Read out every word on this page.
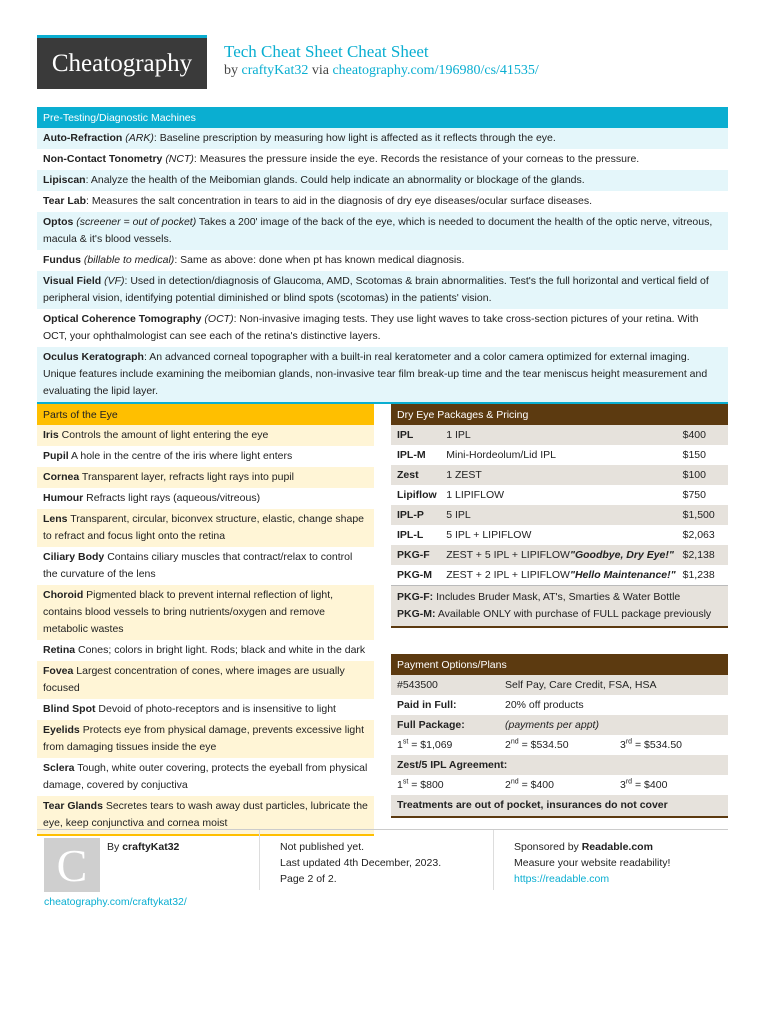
Cheatography	Tech Cheat Sheet Cheat Sheet
by craftyKat32 via cheatography.com/196980/cs/41535/
Pre-Testing/Diagnostic Machines
Auto-Refraction (ARK): Baseline prescription by measuring how light is affected as it reflects through the eye.
Non-Contact Tonometry (NCT): Measures the pressure inside the eye. Records the resistance of your corneas to the pressure.
Lipiscan: Analyze the health of the Meibomian glands. Could help indicate an abnormality or blockage of the glands.
Tear Lab: Measures the salt concentration in tears to aid in the diagnosis of dry eye diseases/ocular surface diseases.
Optos (screener = out of pocket) Takes a 200' image of the back of the eye, which is needed to document the health of the optic nerve, vitreous, macula & it's blood vessels.
Fundus (billable to medical): Same as above: done when pt has known medical diagnosis.
Visual Field (VF): Used in detection/diagnosis of Glaucoma, AMD, Scotomas & brain abnormalities. Test's the full horizontal and vertical field of peripheral vision, identifying potential diminished or blind spots (scotomas) in the patients' vision.
Optical Coherence Tomography (OCT): Non-invasive imaging tests. They use light waves to take cross-section pictures of your retina. With OCT, your ophthalmologist can see each of the retina's distinctive layers.
Oculus Keratograph: An advanced corneal topographer with a built-in real keratometer and a color camera optimized for external imaging. Unique features include examining the meibomian glands, non-invasive tear film break-up time and the tear meniscus height measurement and evaluating the lipid layer.
Parts of the Eye
Iris Controls the amount of light entering the eye
Pupil A hole in the centre of the iris where light enters
Cornea Transparent layer, refracts light rays into pupil
Humour Refracts light rays (aqueous/vitreous)
Lens Transparent, circular, biconvex structure, elastic, change shape to refract and focus light onto the retina
Ciliary Body Contains ciliary muscles that contract/relax to control the curvature of the lens
Choroid Pigmented black to prevent internal reflection of light, contains blood vessels to bring nutrients/oxygen and remove metabolic wastes
Retina Cones; colors in bright light. Rods; black and white in the dark
Fovea Largest concentration of cones, where images are usually focused
Blind Spot Devoid of photo-receptors and is insensitive to light
Eyelids Protects eye from physical damage, prevents excessive light from damaging tissues inside the eye
Sclera Tough, white outer covering, protects the eyeball from physical damage, covered by conjuctiva
Tear Glands Secretes tears to wash away dust particles, lubricate the eye, keep conjunctiva and cornea moist
Dry Eye Packages & Pricing
IPL	1 IPL	$400
IPL-M	Mini-Hordeolum/Lid IPL	$150
Zest	1 ZEST	$100
Lipiflow 1 LIPIFLOW	$750
IPL-P	5 IPL	$1,500
IPL-L	5 IPL + LIPIFLOW	$2,063
PKG-F	ZEST + 5 IPL + LIPIFLOW"Goodbye, Dry Eye!" $2,138
PKG-M	ZEST + 2 IPL + LIPIFLOW"Hello Maintenance!" $1,238
PKG-F: Includes Bruder Mask, AT's, Smarties & Water Bottle
PKG-M: Available ONLY with purchase of FULL package previously
Payment Options/Plans
#543500	Self Pay, Care Credit, FSA, HSA
Paid in Full:	20% off products
Full Package:	(payments per appt)
1st = $1,069	2nd = $534.50	3rd = $534.50
Zest/5 IPL Agreement:
1st = $800	2nd = $400	3rd = $400
Treatments are out of pocket, insurances do not cover
C	By craftyKat32	Not published yet.
Last updated 4th December, 2023.
Page 2 of 2.
Sponsored by Readable.com
Measure your website readability!
https://readable.com
cheatography.com/craftykat32/
